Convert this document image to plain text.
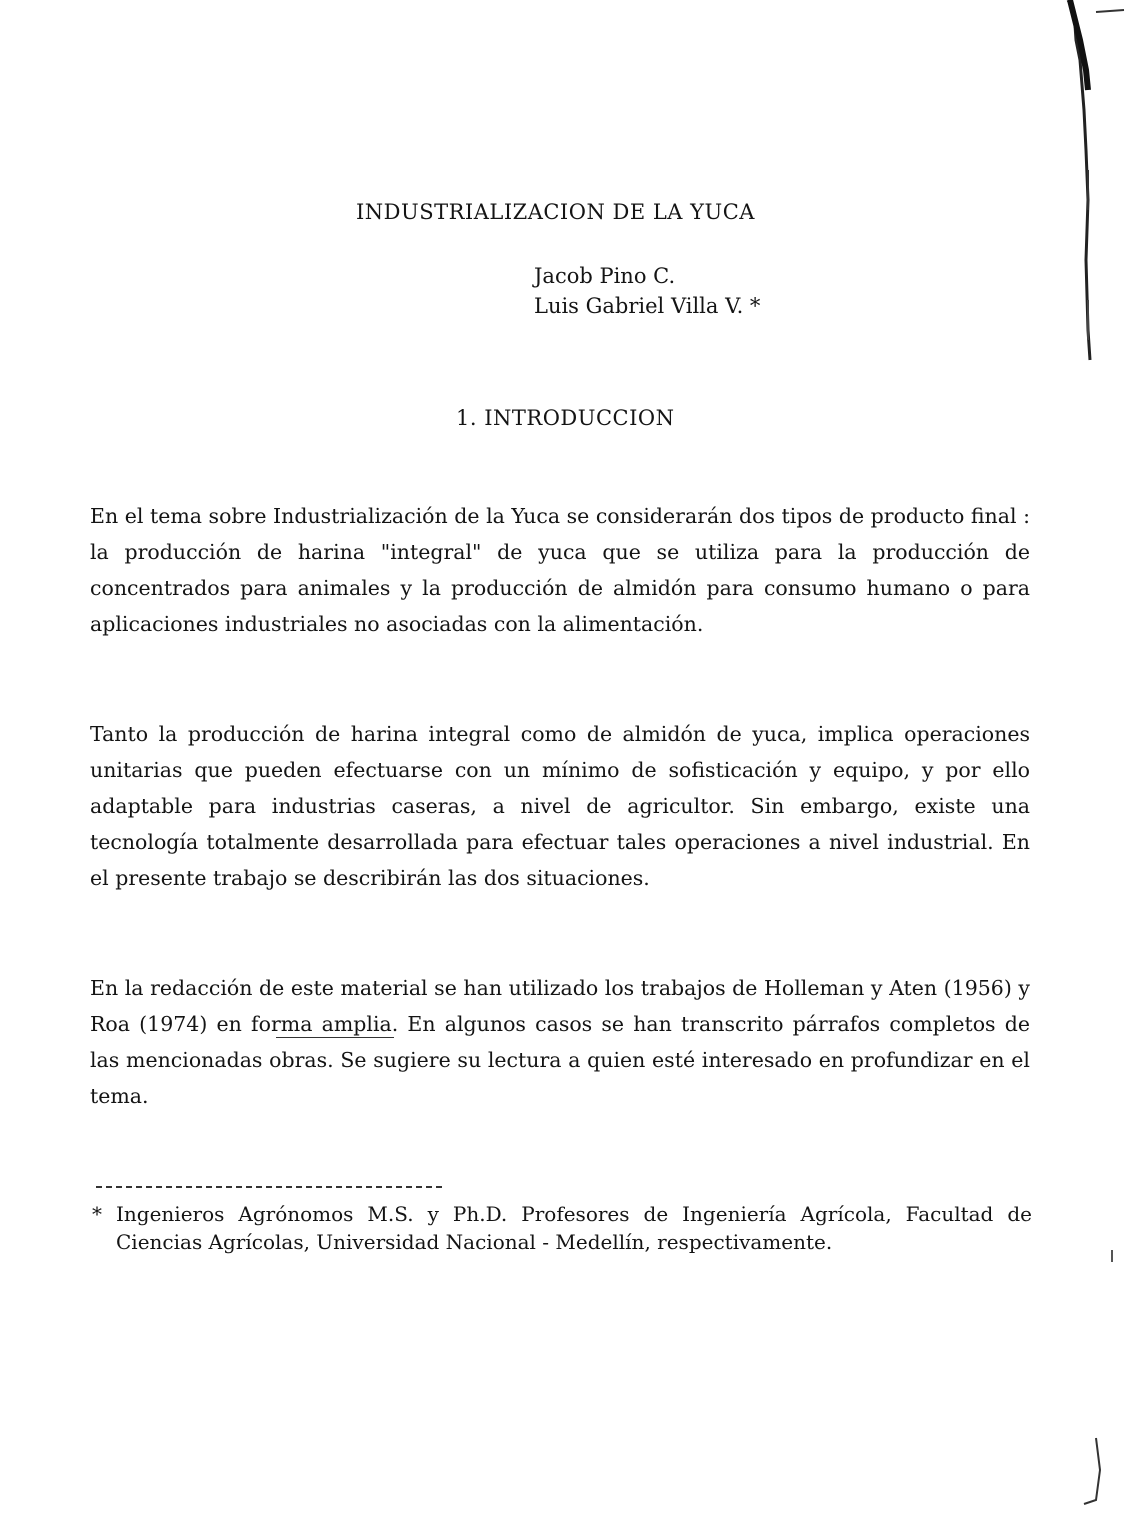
INDUSTRIALIZACION DE LA YUCA
Jacob Pino C.
Luis Gabriel Villa V. *
1. INTRODUCCION
En el tema sobre Industrialización de la Yuca se considerarán dos tipos de producto final : la producción de harina "integral" de yuca que se utiliza para la producción de concentrados para animales y la producción de almidón para consumo humano o para aplicaciones industriales no asociadas con la alimentación.
Tanto la producción de harina integral como de almidón de yuca, implica operaciones unitarias que pueden efectuarse con un mínimo de sofisticación y equipo, y por ello adaptable para industrias caseras, a nivel de agricultor. Sin embargo, existe una tecnología totalmente desarrollada para efectuar tales operaciones a nivel industrial. En el presente trabajo se describirán las dos situaciones.
En la redacción de este material se han utilizado los trabajos de Holleman y Aten (1956) y Roa (1974) en forma amplia. En algunos casos se han transcrito párrafos completos de las mencionadas obras. Se sugiere su lectura a quien esté interesado en profundizar en el tema.
* Ingenieros Agrónomos M.S. y Ph.D. Profesores de Ingeniería Agrícola, Facultad de Ciencias Agrícolas, Universidad Nacional - Medellín, respectivamente.
